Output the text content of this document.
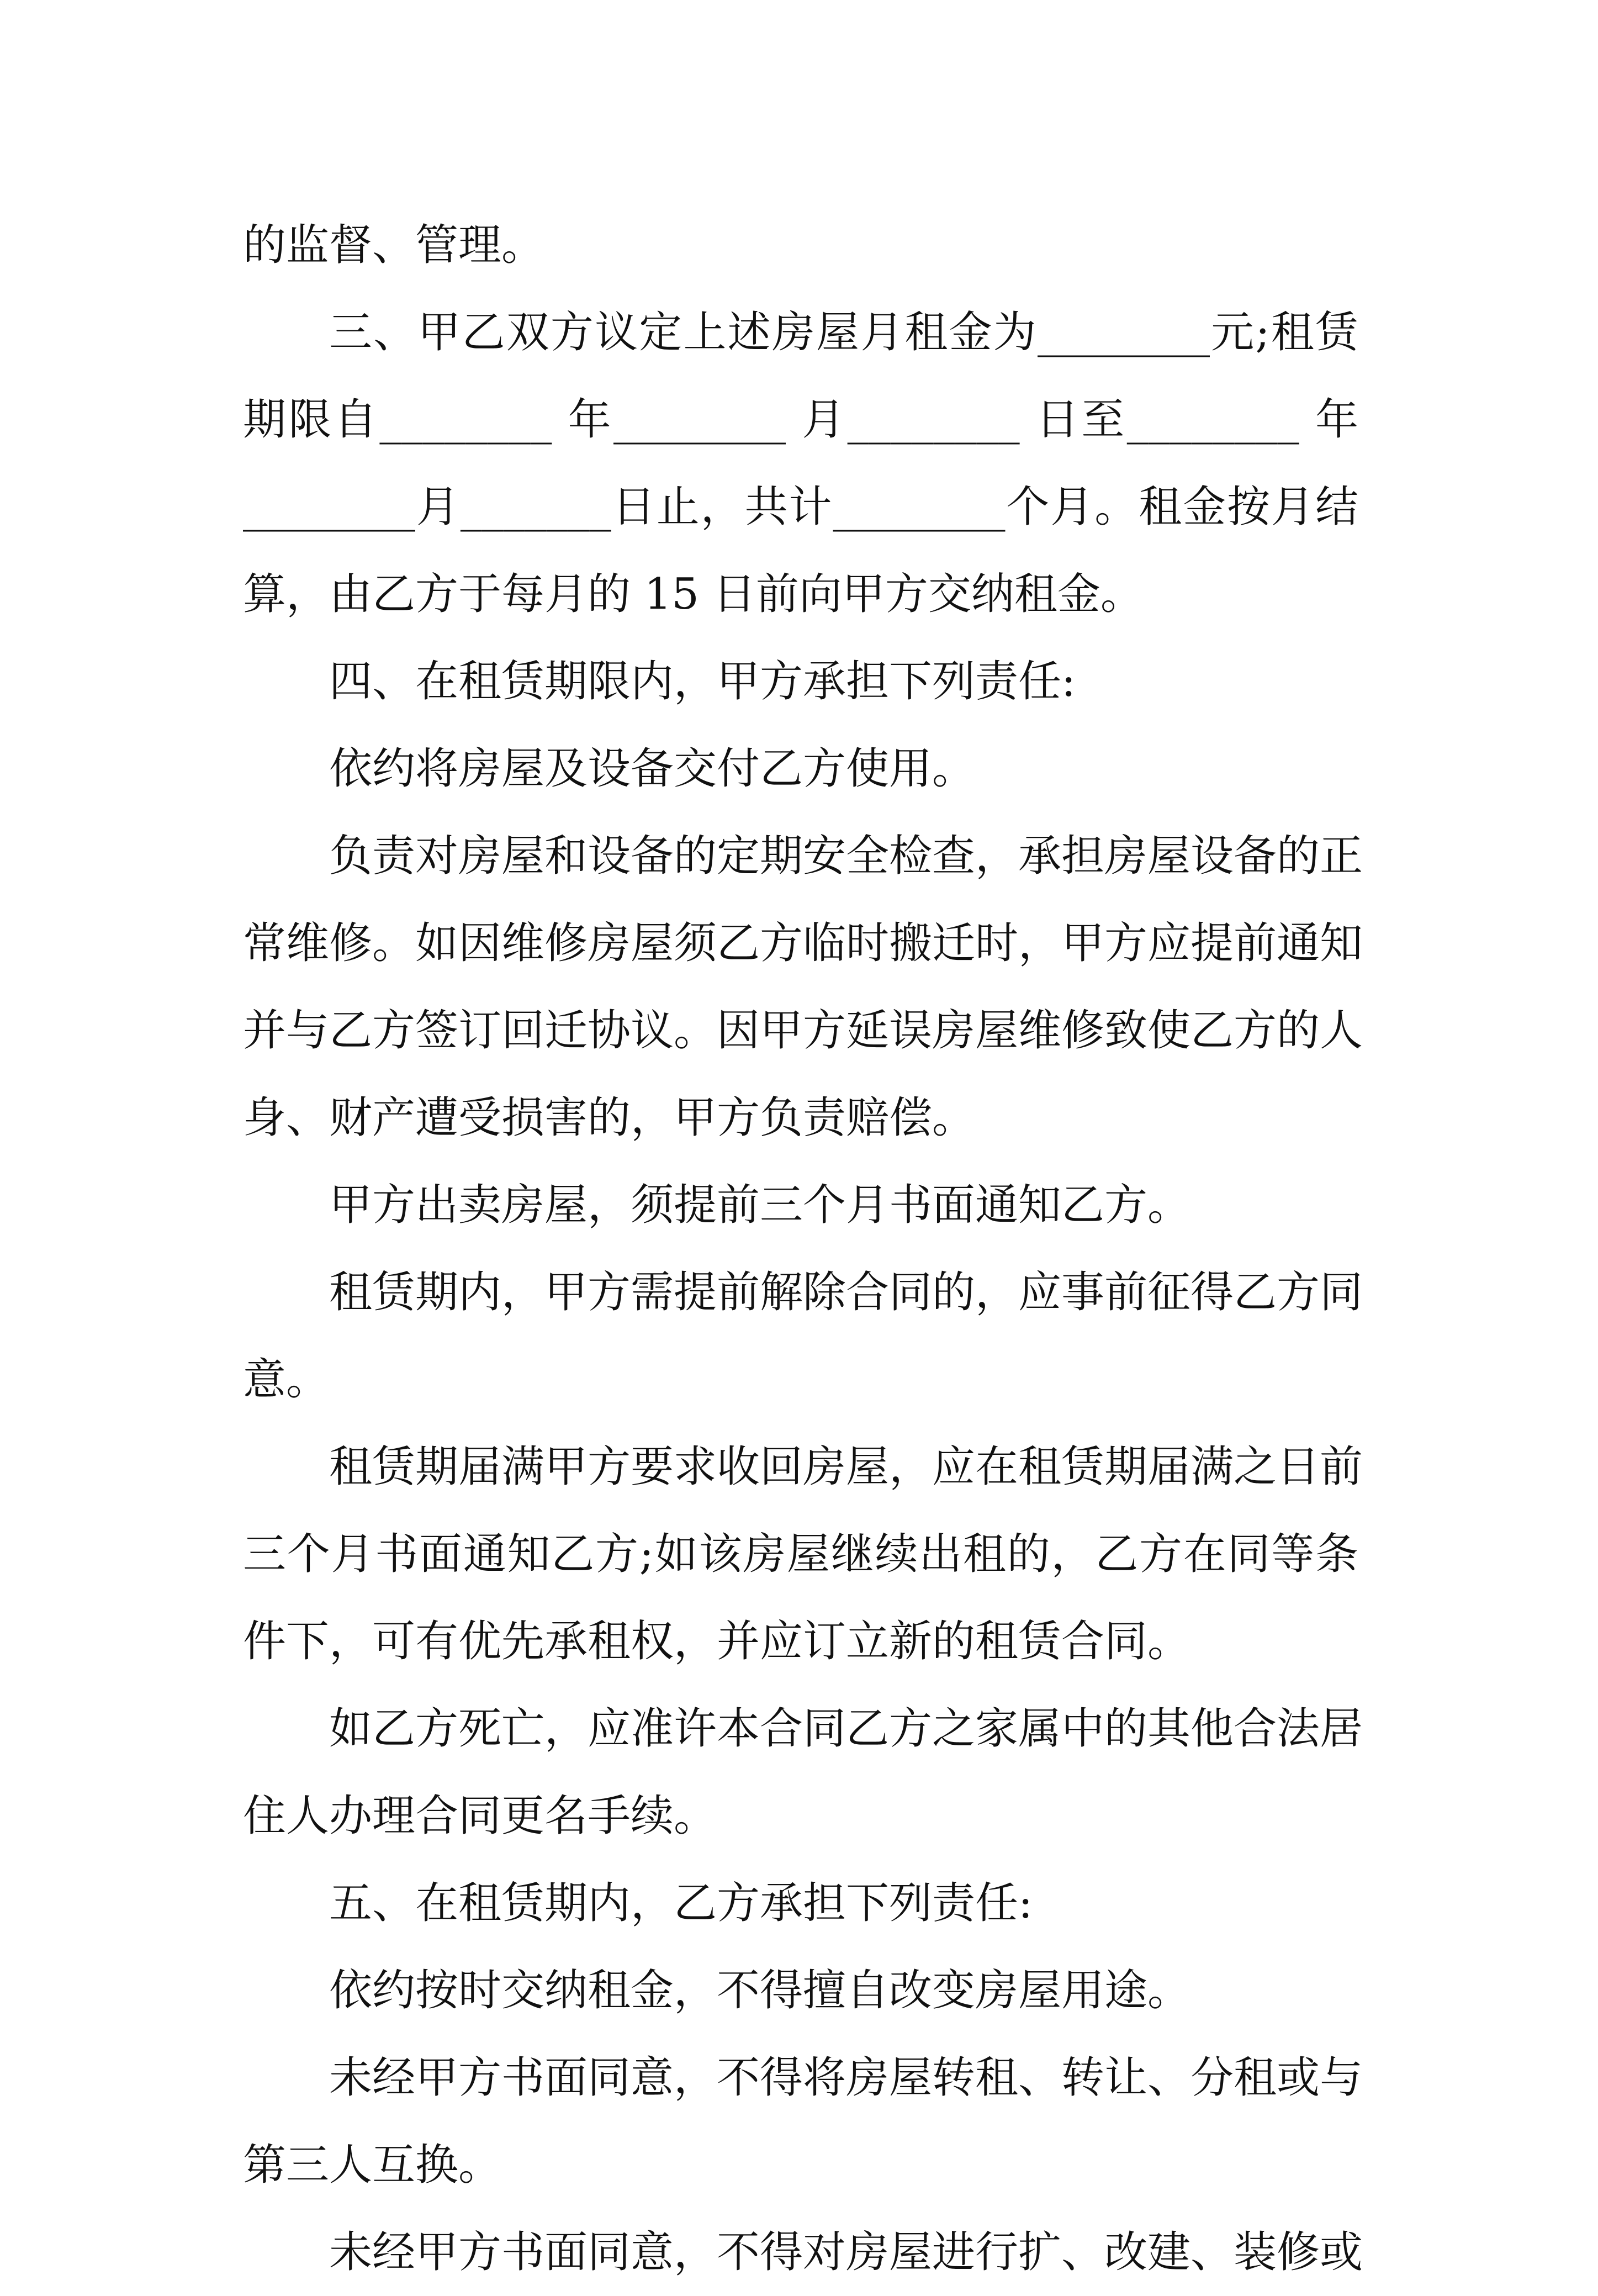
的监督、管理。
三、甲乙双方议定上述房屋月租金为________元;租赁
期限自________ 年________ 月________ 日至________ 年
________月_______日止，共计________个月。租金按月结
算，由乙方于每月的 15 日前向甲方交纳租金。
四、在租赁期限内，甲方承担下列责任:
依约将房屋及设备交付乙方使用。
负责对房屋和设备的定期安全检查，承担房屋设备的正
常维修。如因维修房屋须乙方临时搬迁时，甲方应提前通知
并与乙方签订回迁协议。因甲方延误房屋维修致使乙方的人
身、财产遭受损害的，甲方负责赔偿。
甲方出卖房屋，须提前三个月书面通知乙方。
租赁期内，甲方需提前解除合同的，应事前征得乙方同
意。
租赁期届满甲方要求收回房屋，应在租赁期届满之日前
三个月书面通知乙方;如该房屋继续出租的，乙方在同等条
件下，可有优先承租权，并应订立新的租赁合同。
如乙方死亡，应准许本合同乙方之家属中的其他合法居
住人办理合同更名手续。
五、在租赁期内，乙方承担下列责任:
依约按时交纳租金，不得擅自改变房屋用途。
未经甲方书面同意，不得将房屋转租、转让、分租或与
第三人互换。
未经甲方书面同意，不得对房屋进行扩、改建、装修或
